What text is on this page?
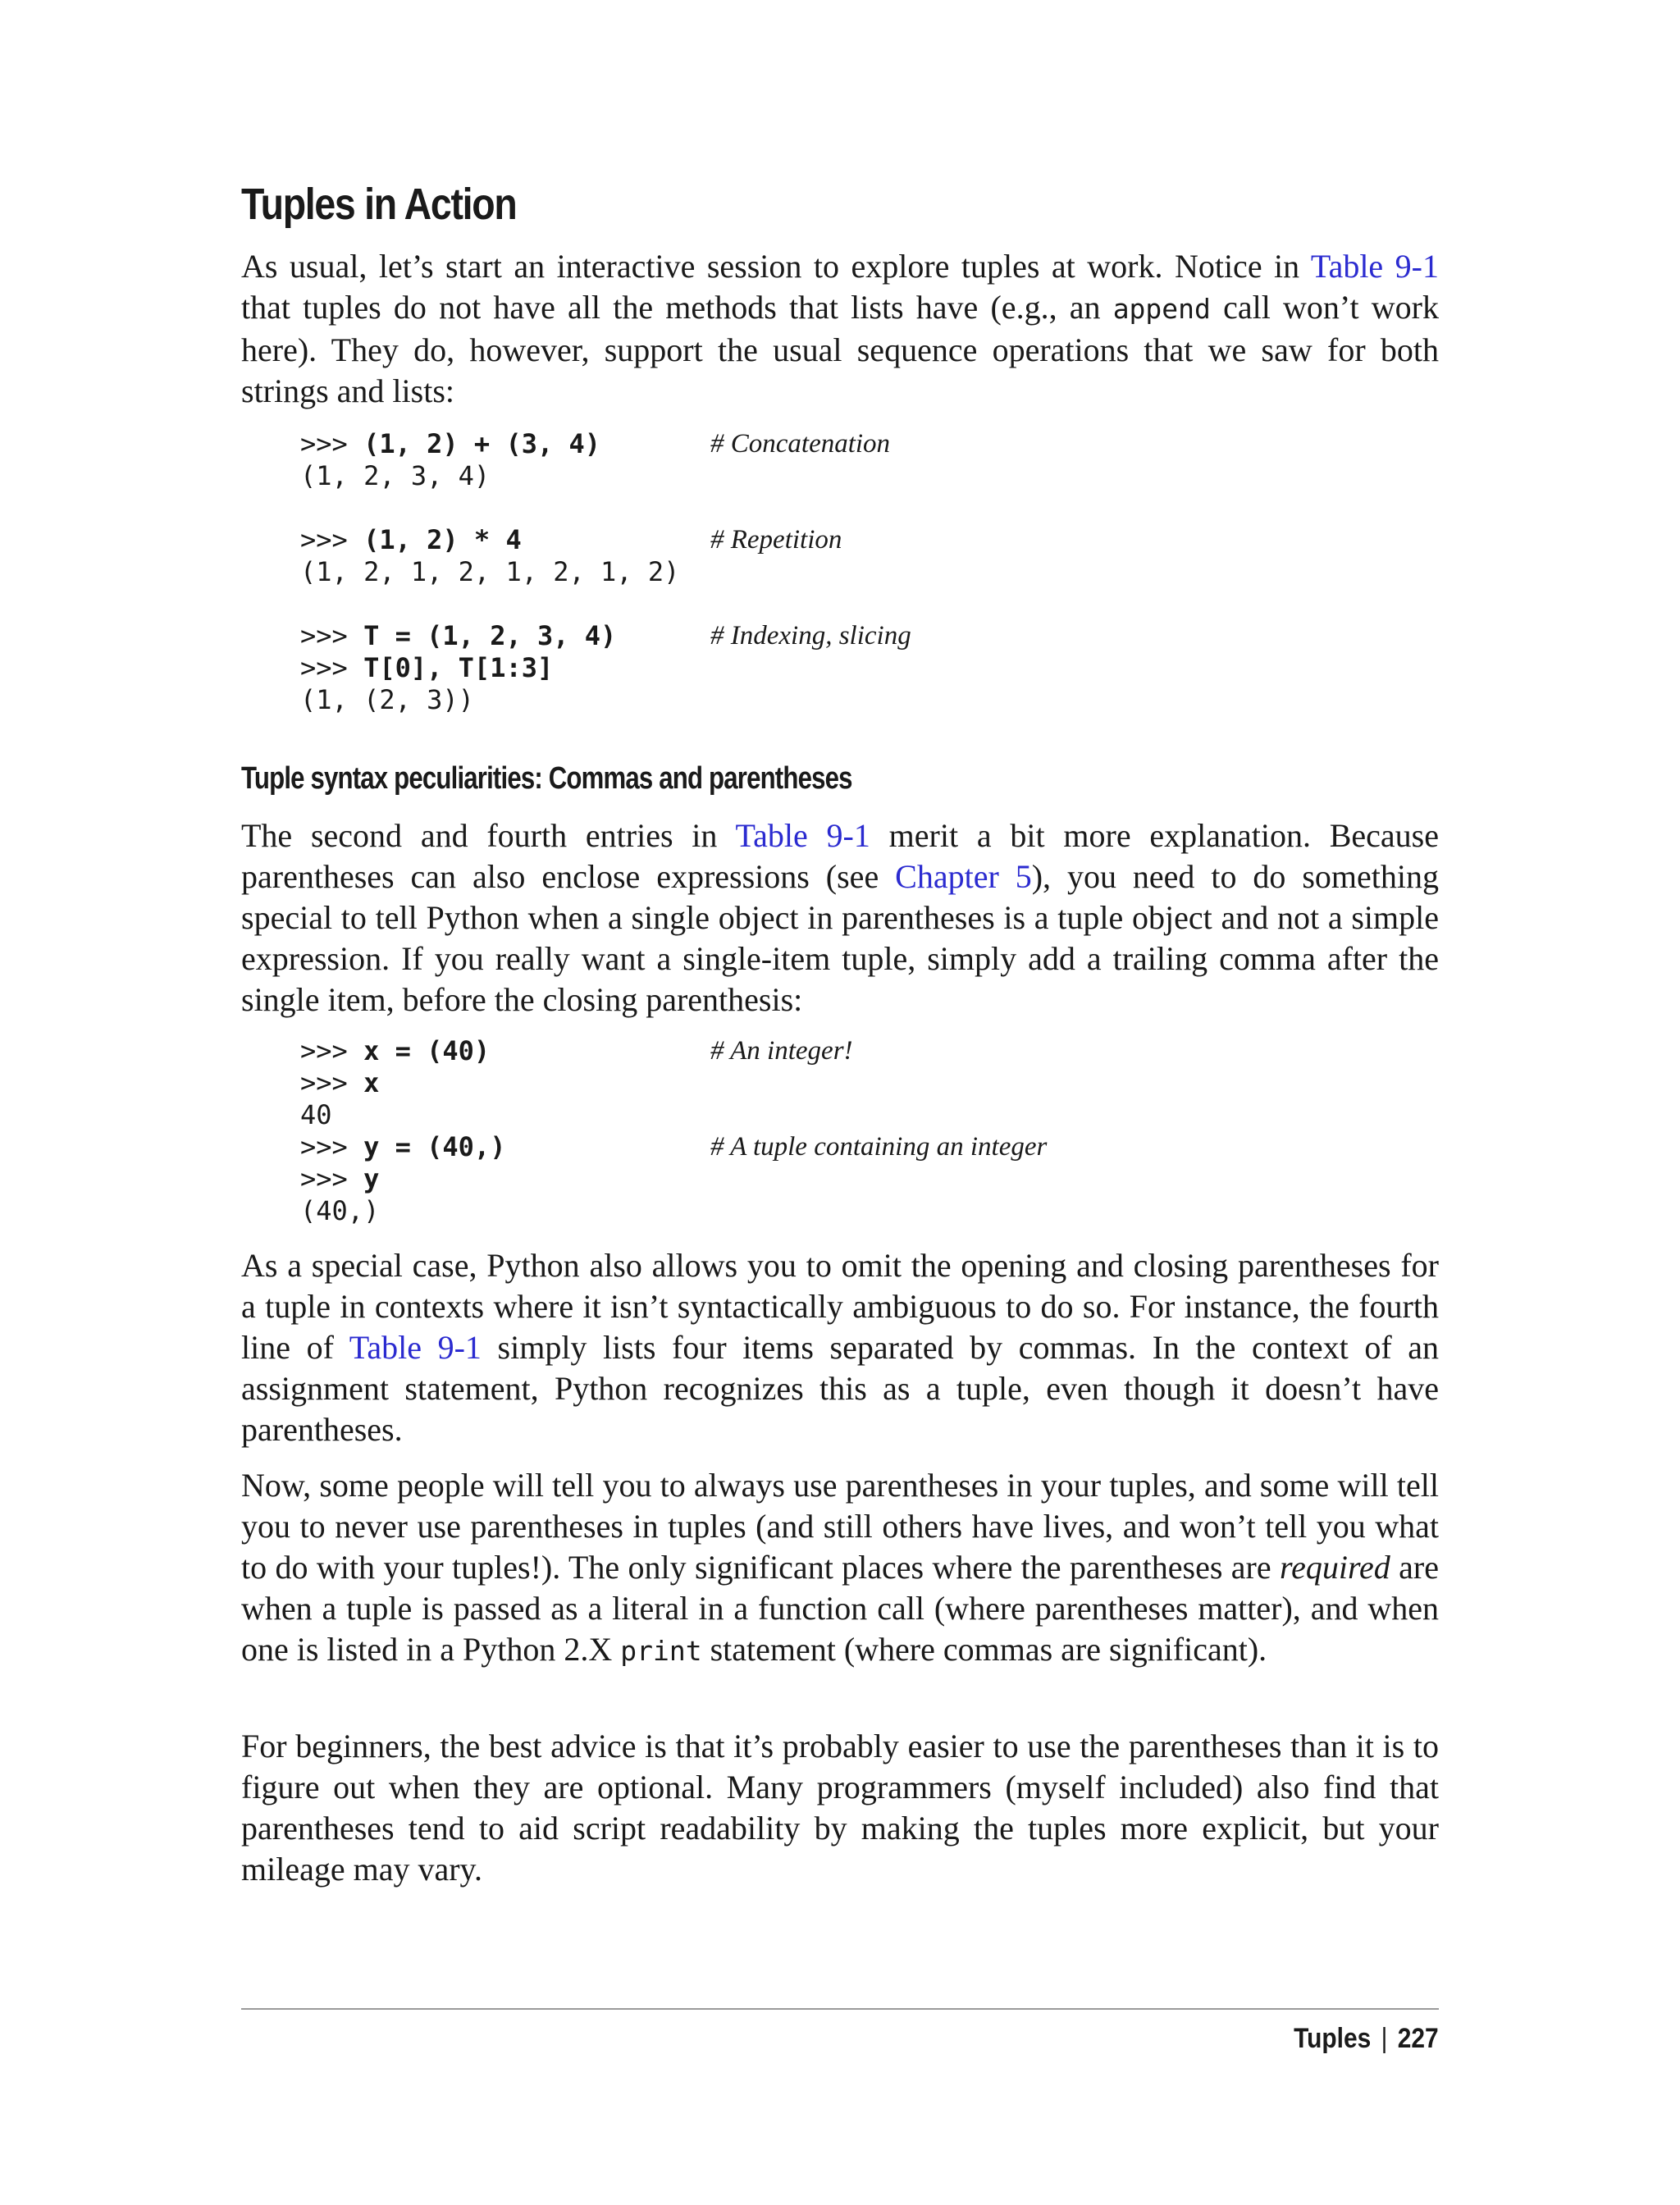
Tuples in Action

As usual, let’s start an interactive session to explore tuples at work. Notice in Table 9-1 that tuples do not have all the methods that lists have (e.g., an append call won’t work here). They do, however, support the usual sequence operations that we saw for both strings and lists:

>>> (1, 2) + (3, 4)	# Concatenation
(1, 2, 3, 4)
>>> (1, 2) * 4	# Repetition
(1, 2, 1, 2, 1, 2, 1, 2)
>>> T = (1, 2, 3, 4)	# Indexing, slicing
>>> T[0], T[1:3]
(1, (2, 3))
Tuple syntax peculiarities: Commas and parentheses

The second and fourth entries in Table 9-1 merit a bit more explanation. Because parentheses can also enclose expressions (see Chapter 5), you need to do something special to tell Python when a single object in parentheses is a tuple object and not a simple expression. If you really want a single-item tuple, simply add a trailing comma after the single item, before the closing parenthesis:

>>> x = (40)	# An integer!
>>> x
40
>>> y = (40,)	# A tuple containing an integer
>>> y
(40,)

As a special case, Python also allows you to omit the opening and closing parentheses for a tuple in contexts where it isn’t syntactically ambiguous to do so. For instance, the fourth line of Table 9-1 simply lists four items separated by commas. In the context of an assignment statement, Python recognizes this as a tuple, even though it doesn’t have parentheses.

Now, some people will tell you to always use parentheses in your tuples, and some will tell you to never use parentheses in tuples (and still others have lives, and won’t tell you what to do with your tuples!). The only significant places where the parentheses are required are when a tuple is passed as a literal in a function call (where parentheses matter), and when one is listed in a Python 2.X print statement (where commas are significant).

For beginners, the best advice is that it’s probably easier to use the parentheses than it is to figure out when they are optional. Many programmers (myself included) also find that parentheses tend to aid script readability by making the tuples more explicit, but your mileage may vary.

Tuples | 227
